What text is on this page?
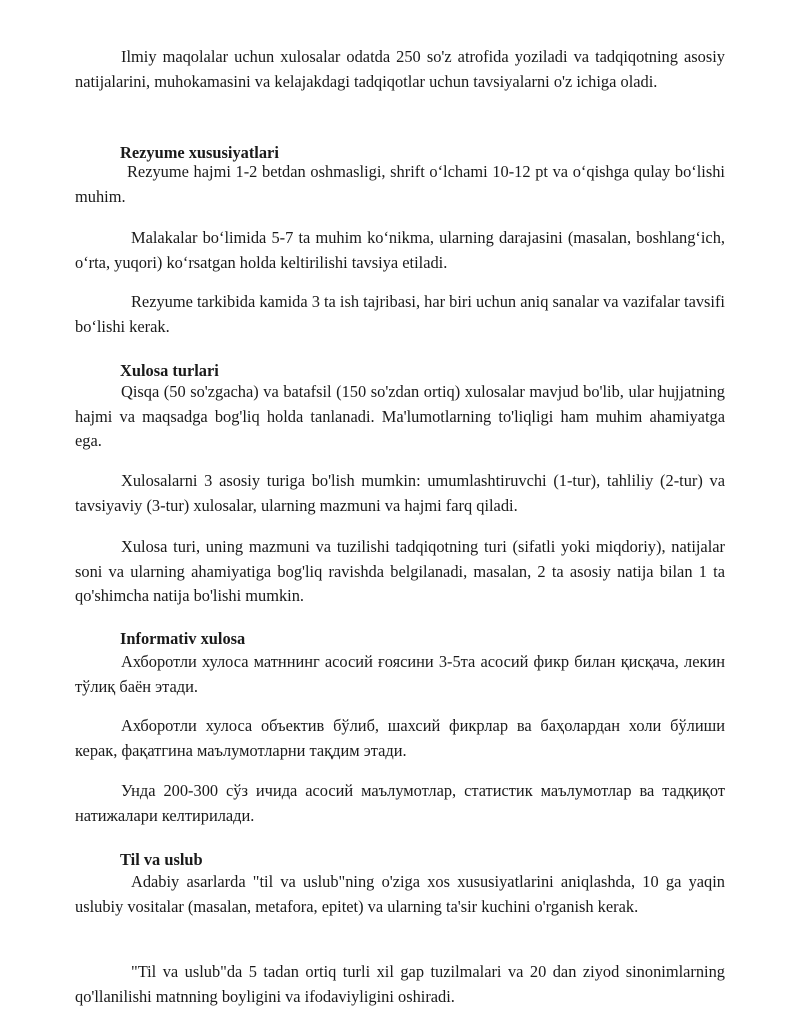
Ilmiy maqolalar uchun xulosalar odatda 250 so'z atrofida yoziladi va tadqiqotning asosiy natijalarini, muhokamasini va kelajakdagi tadqiqotlar uchun tavsiyalarni o'z ichiga oladi.

Rezyume xususiyatlari

Rezyume hajmi 1-2 betdan oshmasligi, shrift oʻlchami 10-12 pt va oʻqishga qulay boʻlishi muhim.

Malakalar boʻlimida 5-7 ta muhim koʻnikma, ularning darajasini (masalan, boshlangʻich, oʻrta, yuqori) koʻrsatgan holda keltirilishi tavsiya etiladi.

Rezyume tarkibida kamida 3 ta ish tajribasi, har biri uchun aniq sanalar va vazifalar tavsifi boʻlishi kerak.

Xulosa turlari

Qisqa (50 so'zgacha) va batafsil (150 so'zdan ortiq) xulosalar mavjud bo'lib, ular hujjatning hajmi va maqsadga bog'liq holda tanlanadi. Ma'lumotlarning to'liqligi ham muhim ahamiyatga ega.

Xulosalarni 3 asosiy turiga bo'lish mumkin: umumlashtiruvchi (1-tur), tahliliy (2-tur) va tavsiyaviy (3-tur) xulosalar, ularning mazmuni va hajmi farq qiladi.

Xulosa turi, uning mazmuni va tuzilishi tadqiqotning turi (sifatli yoki miqdoriy), natijalar soni va ularning ahamiyatiga bog'liq ravishda belgilanadi, masalan, 2 ta asosiy natija bilan 1 ta qo'shimcha natija bo'lishi mumkin.

Informativ xulosa

Ахборотли хулоса матннинг асосий ғоясини 3-5та асосий фикр билан қисқача, лекин тўлиқ баён этади.

Ахборотли хулоса объектив бўлиб, шахсий фикрлар ва баҳолардан холи бўлиши керак, фақатгина маълумотларни тақдим этади.

Унда 200-300 сўз ичида асосий маълумотлар, статистик маълумотлар ва тадқиқот натижалари келтирилади.

Til va uslub

Adabiy asarlarda "til va uslub"ning o'ziga xos xususiyatlarini aniqlashda, 10 ga yaqin uslubiy vositalar (masalan, metafora, epitet) va ularning ta'sir kuchini o'rganish kerak.

"Til va uslub"da 5 tadan ortiq turli xil gap tuzilmalari va 20 dan ziyod sinonimlarning qo'llanilishi matnning boyligini va ifodaviyligini oshiradi.
